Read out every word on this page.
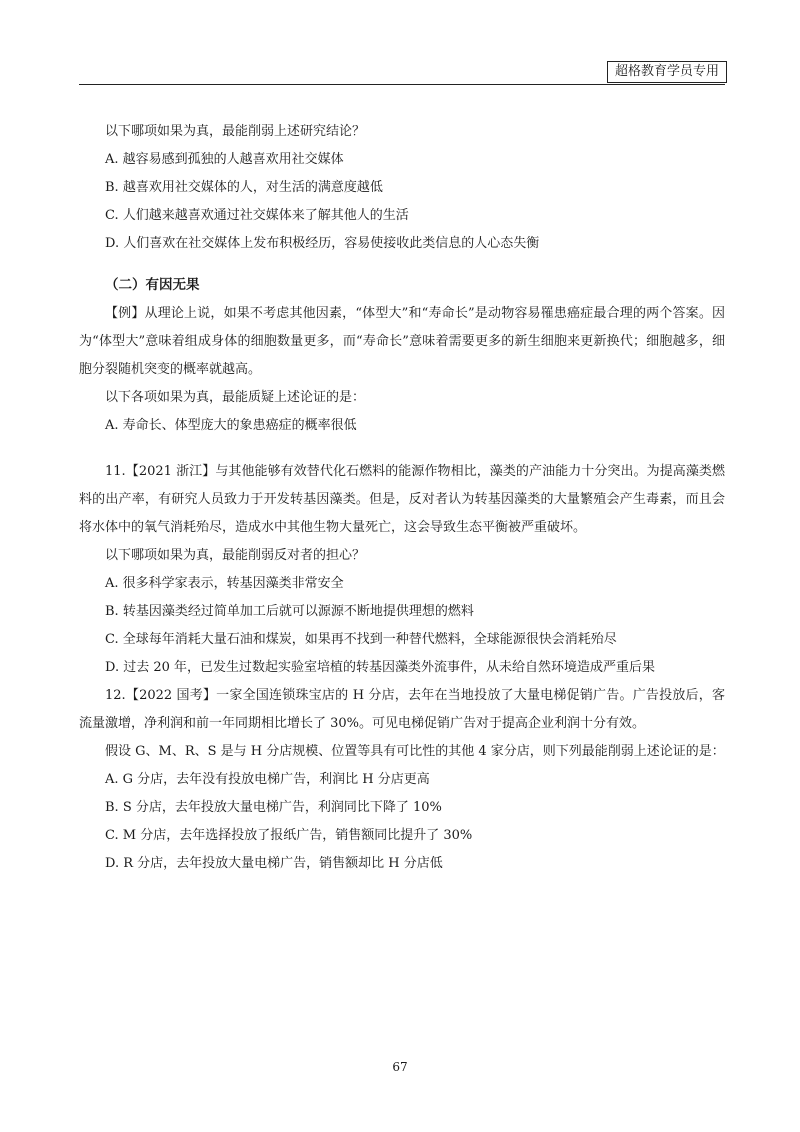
超格教育学员专用

以下哪项如果为真，最能削弱上述研究结论？

A. 越容易感到孤独的人越喜欢用社交媒体

B. 越喜欢用社交媒体的人，对生活的满意度越低

C. 人们越来越喜欢通过社交媒体来了解其他人的生活

D. 人们喜欢在社交媒体上发布积极经历，容易使接收此类信息的人心态失衡

（二）有因无果

【例】从理论上说，如果不考虑其他因素，“体型大”和“寿命长”是动物容易罹患癌症最合理的两个答案。因为“体型大”意味着组成身体的细胞数量更多，而“寿命长”意味着需要更多的新生细胞来更新换代；细胞越多，细胞分裂随机突变的概率就越高。

以下各项如果为真，最能质疑上述论证的是：

A. 寿命长、体型庞大的象患癌症的概率很低

11.【2021 浙江】与其他能够有效替代化石燃料的能源作物相比，藻类的产油能力十分突出。为提高藻类燃料的出产率，有研究人员致力于开发转基因藻类。但是，反对者认为转基因藻类的大量繁殖会产生毒素，而且会将水体中的氧气消耗殆尽，造成水中其他生物大量死亡，这会导致生态平衡被严重破坏。

以下哪项如果为真，最能削弱反对者的担心？

A. 很多科学家表示，转基因藻类非常安全

B. 转基因藻类经过简单加工后就可以源源不断地提供理想的燃料

C. 全球每年消耗大量石油和煤炭，如果再不找到一种替代燃料，全球能源很快会消耗殆尽

D. 过去 20 年，已发生过数起实验室培植的转基因藻类外流事件，从未给自然环境造成严重后果

12.【2022 国考】一家全国连锁珠宝店的 H 分店，去年在当地投放了大量电梯促销广告。广告投放后，客流量激增，净利润和前一年同期相比增长了 30%。可见电梯促销广告对于提高企业利润十分有效。

假设 G、M、R、S 是与 H 分店规模、位置等具有可比性的其他 4 家分店，则下列最能削弱上述论证的是：

A. G 分店，去年没有投放电梯广告，利润比 H 分店更高

B. S 分店，去年投放大量电梯广告，利润同比下降了 10%

C. M 分店，去年选择投放了报纸广告，销售额同比提升了 30%

D. R 分店，去年投放大量电梯广告，销售额却比 H 分店低

67
